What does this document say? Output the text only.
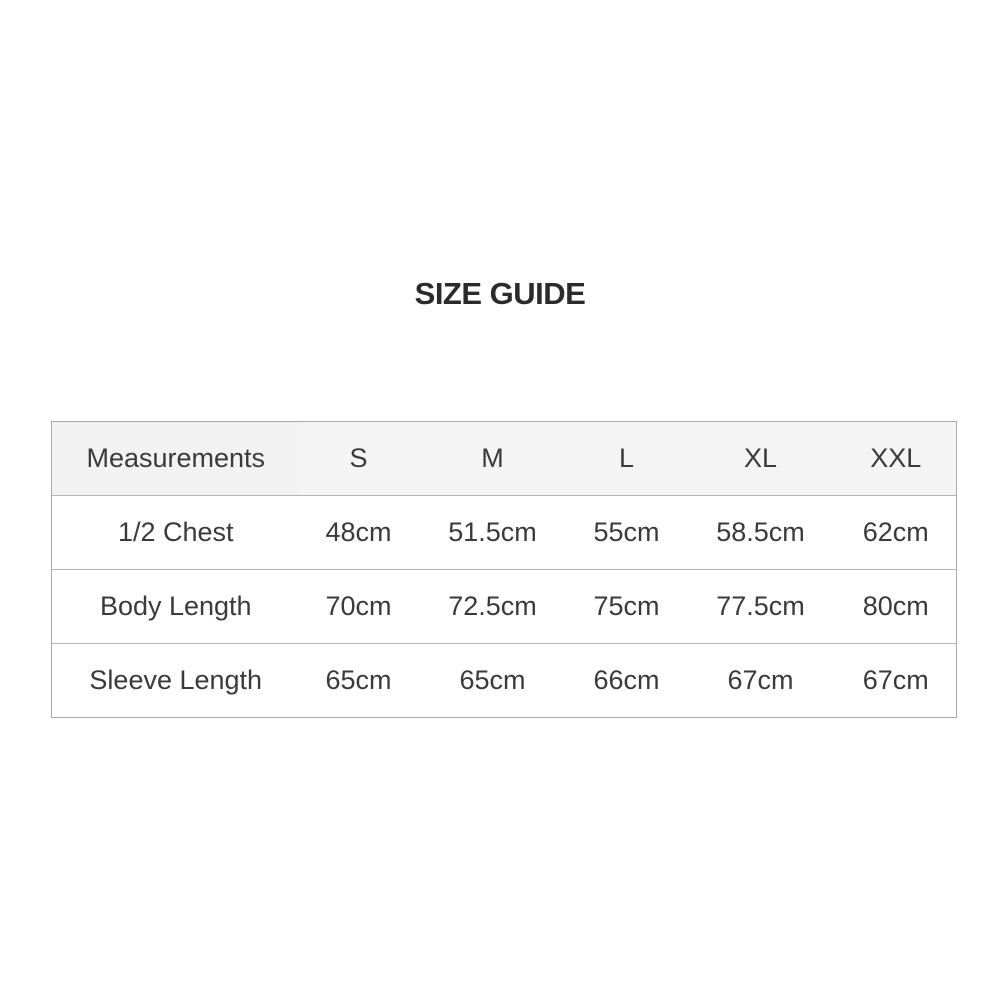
SIZE GUIDE
Measurements	S	M	L	XL	XXL
1/2 Chest	48cm	51.5cm	55cm	58.5cm	62cm
Body Length	70cm	72.5cm	75cm	77.5cm	80cm
Sleeve Length	65cm	65cm	66cm	67cm	67cm
